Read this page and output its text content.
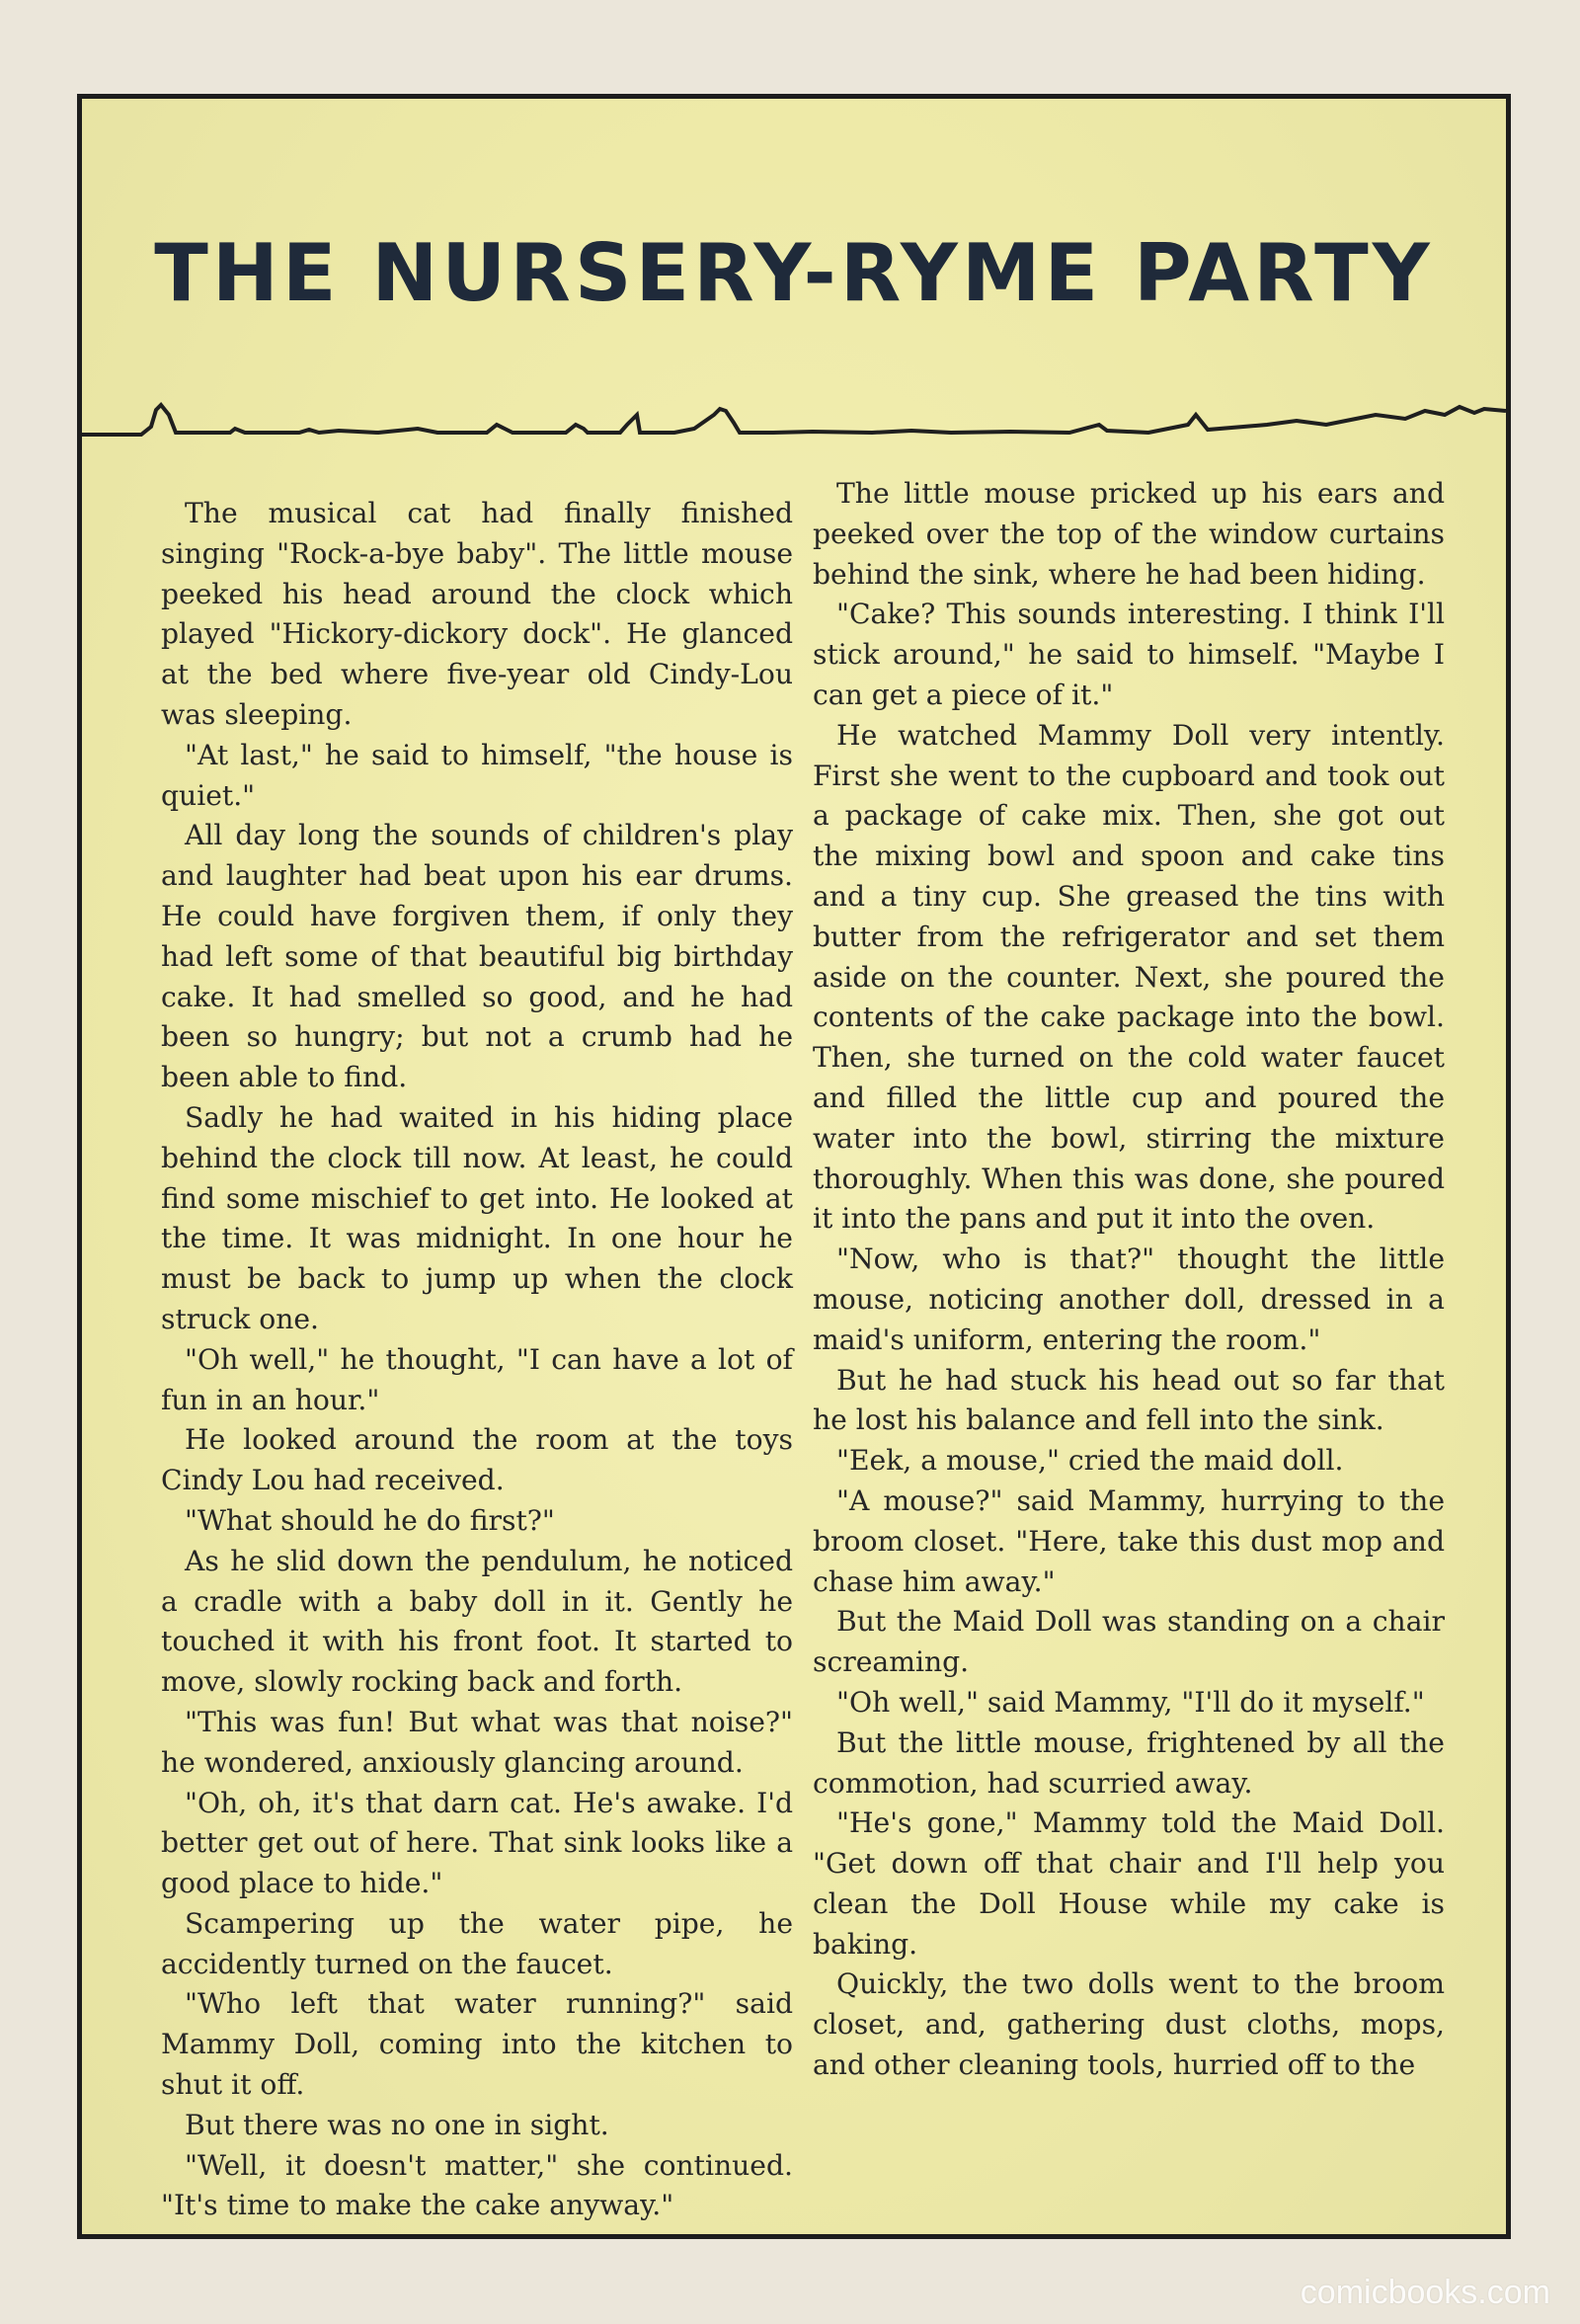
THE NURSERY-RYME PARTY

The musical cat had finally finished singing "Rock-a-bye baby". The little mouse peeked his head around the clock which played "Hickory-dickory dock". He glanced at the bed where five-year old Cindy-Lou was sleeping.

"At last," he said to himself, "the house is quiet."

All day long the sounds of children's play and laughter had beat upon his ear drums. He could have forgiven them, if only they had left some of that beautiful big birthday cake. It had smelled so good, and he had been so hungry; but not a crumb had he been able to find.

Sadly he had waited in his hiding place behind the clock till now. At least, he could find some mischief to get into. He looked at the time. It was midnight. In one hour he must be back to jump up when the clock struck one.

"Oh well," he thought, "I can have a lot of fun in an hour."

He looked around the room at the toys Cindy Lou had received.

"What should he do first?"

As he slid down the pendulum, he noticed a cradle with a baby doll in it. Gently he touched it with his front foot. It started to move, slowly rocking back and forth.

"This was fun! But what was that noise?" he wondered, anxiously glancing around.

"Oh, oh, it's that darn cat. He's awake. I'd better get out of here. That sink looks like a good place to hide."

Scampering up the water pipe, he accidently turned on the faucet.

"Who left that water running?" said Mammy Doll, coming into the kitchen to shut it off.

But there was no one in sight.

"Well, it doesn't matter," she continued. "It's time to make the cake anyway."

The little mouse pricked up his ears and peeked over the top of the window curtains behind the sink, where he had been hiding.

"Cake? This sounds interesting. I think I'll stick around," he said to himself. "Maybe I can get a piece of it."

He watched Mammy Doll very intently. First she went to the cupboard and took out a package of cake mix. Then, she got out the mixing bowl and spoon and cake tins and a tiny cup. She greased the tins with butter from the refrigerator and set them aside on the counter. Next, she poured the contents of the cake package into the bowl. Then, she turned on the cold water faucet and filled the little cup and poured the water into the bowl, stirring the mixture thoroughly. When this was done, she poured it into the pans and put it into the oven.

"Now, who is that?" thought the little mouse, noticing another doll, dressed in a maid's uniform, entering the room."

But he had stuck his head out so far that he lost his balance and fell into the sink.

"Eek, a mouse," cried the maid doll.

"A mouse?" said Mammy, hurrying to the broom closet. "Here, take this dust mop and chase him away."

But the Maid Doll was standing on a chair screaming.

"Oh well," said Mammy, "I'll do it myself."

But the little mouse, frightened by all the commotion, had scurried away.

"He's gone," Mammy told the Maid Doll. "Get down off that chair and I'll help you clean the Doll House while my cake is baking.

Quickly, the two dolls went to the broom closet, and, gathering dust cloths, mops, and other cleaning tools, hurried off to the

comicbooks.com
